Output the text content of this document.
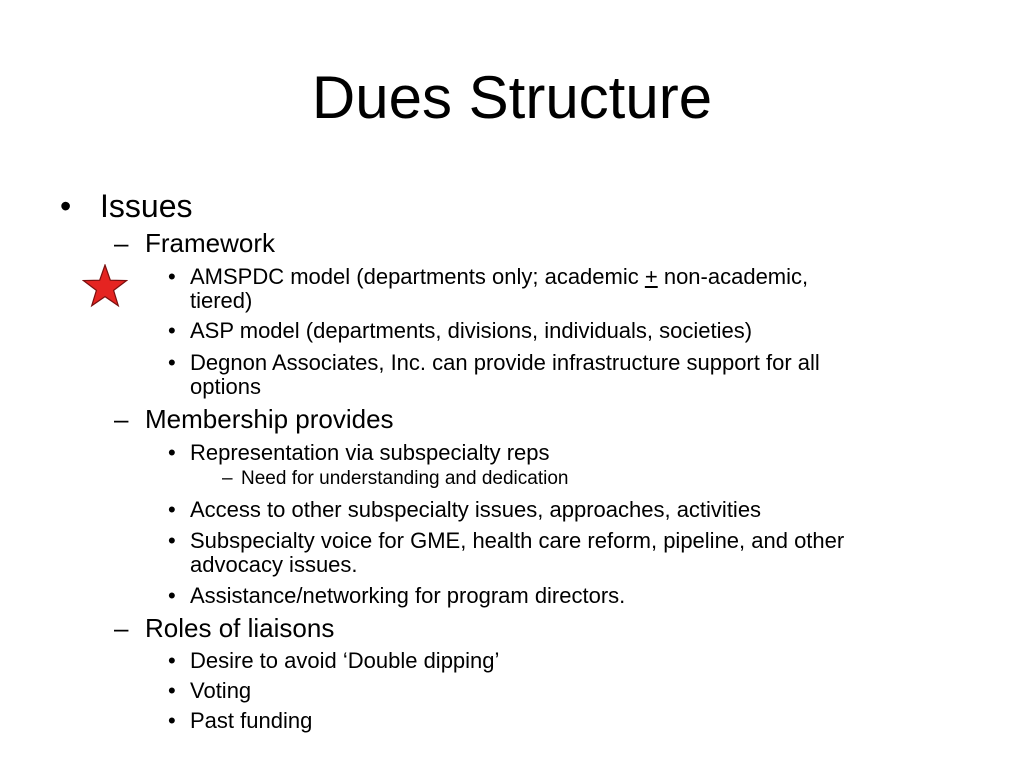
Dues Structure
• Issues
– Framework
• AMSPDC model (departments only; academic + non-academic,
tiered)
• ASP model (departments, divisions, individuals, societies)
• Degnon Associates, Inc. can provide infrastructure support for all
options
– Membership provides
• Representation via subspecialty reps
– Need for understanding and dedication
• Access to other subspecialty issues, approaches, activities
• Subspecialty voice for GME, health care reform, pipeline, and other
advocacy issues.
• Assistance/networking for program directors.
– Roles of liaisons
• Desire to avoid ‘Double dipping’
• Voting
• Past funding
